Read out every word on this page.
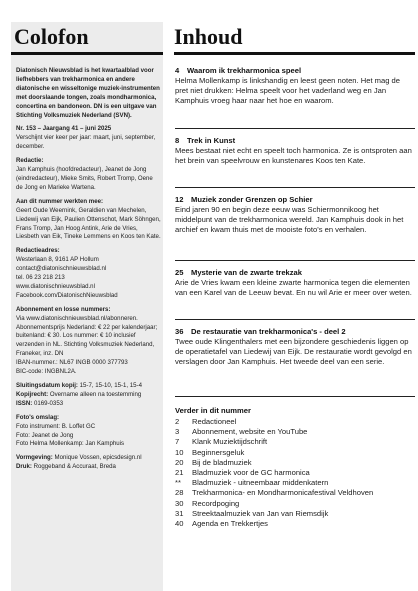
Colofon

Diatonisch Nieuwsblad is het kwartaalblad voor liefhebbers van trekharmonica en andere diatonische en wisseltonige muziek-instrumenten met doorslaande tongen, zoals mondharmonica, concertina en bandoneon. DN is een uitgave van Stichting Volksmuziek Nederland (SVN).

Nr. 153 – Jaargang 41 – juni 2025
Verschijnt vier keer per jaar: maart, juni, september, december.
Redactie:
Jan Kamphuis (hoofdredacteur), Jeanet de Jong (eindredacteur), Mieke Smits, Robert Tromp, Oene de Jong en Marieke Wartena.
Aan dit nummer werkten mee:
Geert Oude Weernink, Geraldien van Mechelen, Liedewij van Eijk, Paulien Ottenschot, Mark Söhngen, Frans Tromp, Jan Hoog Antink, Arie de Vries, Liesbeth van Eik, Tineke Lemmens en Koos ten Kate.
Redactieadres:
Westerlaan 8, 9161 AP Hollum
contact@diatonischnieuwsblad.nl
tel. 06 23 218 213
www.diatonischnieuwsblad.nl
Facebook.com/DiatonischNieuwsblad
Abonnement en losse nummers:
Via www.diatonischnieuwsblad.nl/abonneren. Abonnementsprijs Nederland: € 22 per kalenderjaar; buitenland: € 30. Los nummer: € 10 inclusief verzenden in NL. Stichting Volksmuziek Nederland, Franeker, inz. DN
IBAN-nummer.: NL67 INGB 0000 377793
BIC-code: INGBNL2A.
Sluitingsdatum kopij: 15-7, 15-10, 15-1, 15-4
Kopijrecht: Overname alleen na toestemming
ISSN: 0169-0353
Foto's omslag:
Foto instrument: B. Loffet GC
Foto: Jeanet de Jong
Foto Helma Mollenkamp: Jan Kamphuis
Vormgeving: Monique Vossen, epicsdesign.nl
Druk: Roggeband & Accuraat, Breda
Inhoud
4 Waarom ik trekharmonica speel
Helma Mollenkamp is linkshandig en leest geen noten. Het mag de pret niet drukken: Helma speelt voor het vaderland weg en Jan Kamphuis vroeg haar naar het hoe en waarom.
8 Trek in Kunst
Mees bestaat niet echt en speelt toch harmonica. Ze is ontsproten aan het brein van speelvrouw en kunstenares Koos ten Kate.
12 Muziek zonder Grenzen op Schier
Eind jaren 90 en begin deze eeuw was Schiermonnikoog het middelpunt van de trekharmonica wereld. Jan Kamphuis dook in het archief en kwam thuis met de mooiste foto's en verhalen.
25 Mysterie van de zwarte trekzak
Arie de Vries kwam een kleine zwarte harmonica tegen die elementen van een Karel van de Leeuw bevat. En nu wil Arie er meer over weten.
36 De restauratie van trekharmonica's - deel 2
Twee oude Klingenthalers met een bijzondere geschiedenis liggen op de operatietafel van Liedewij van Eijk. De restauratie wordt gevolgd en verslagen door Jan Kamphuis. Het tweede deel van een serie.
Verder in dit nummer
2	Redactioneel
3	Abonnement, website en YouTube
7	Klank Muziektijdschrift
10	Beginnersgeluk
20	Bij de bladmuziek
21	Bladmuziek voor de GC harmonica
**	Bladmuziek - uitneembaar middenkatern
28	Trekharmonica- en Mondharmonicafestival Veldhoven
30	Recordpoging
31	Streektaalmuziek van Jan van Riemsdijk
40	Agenda en Trekkertjes
